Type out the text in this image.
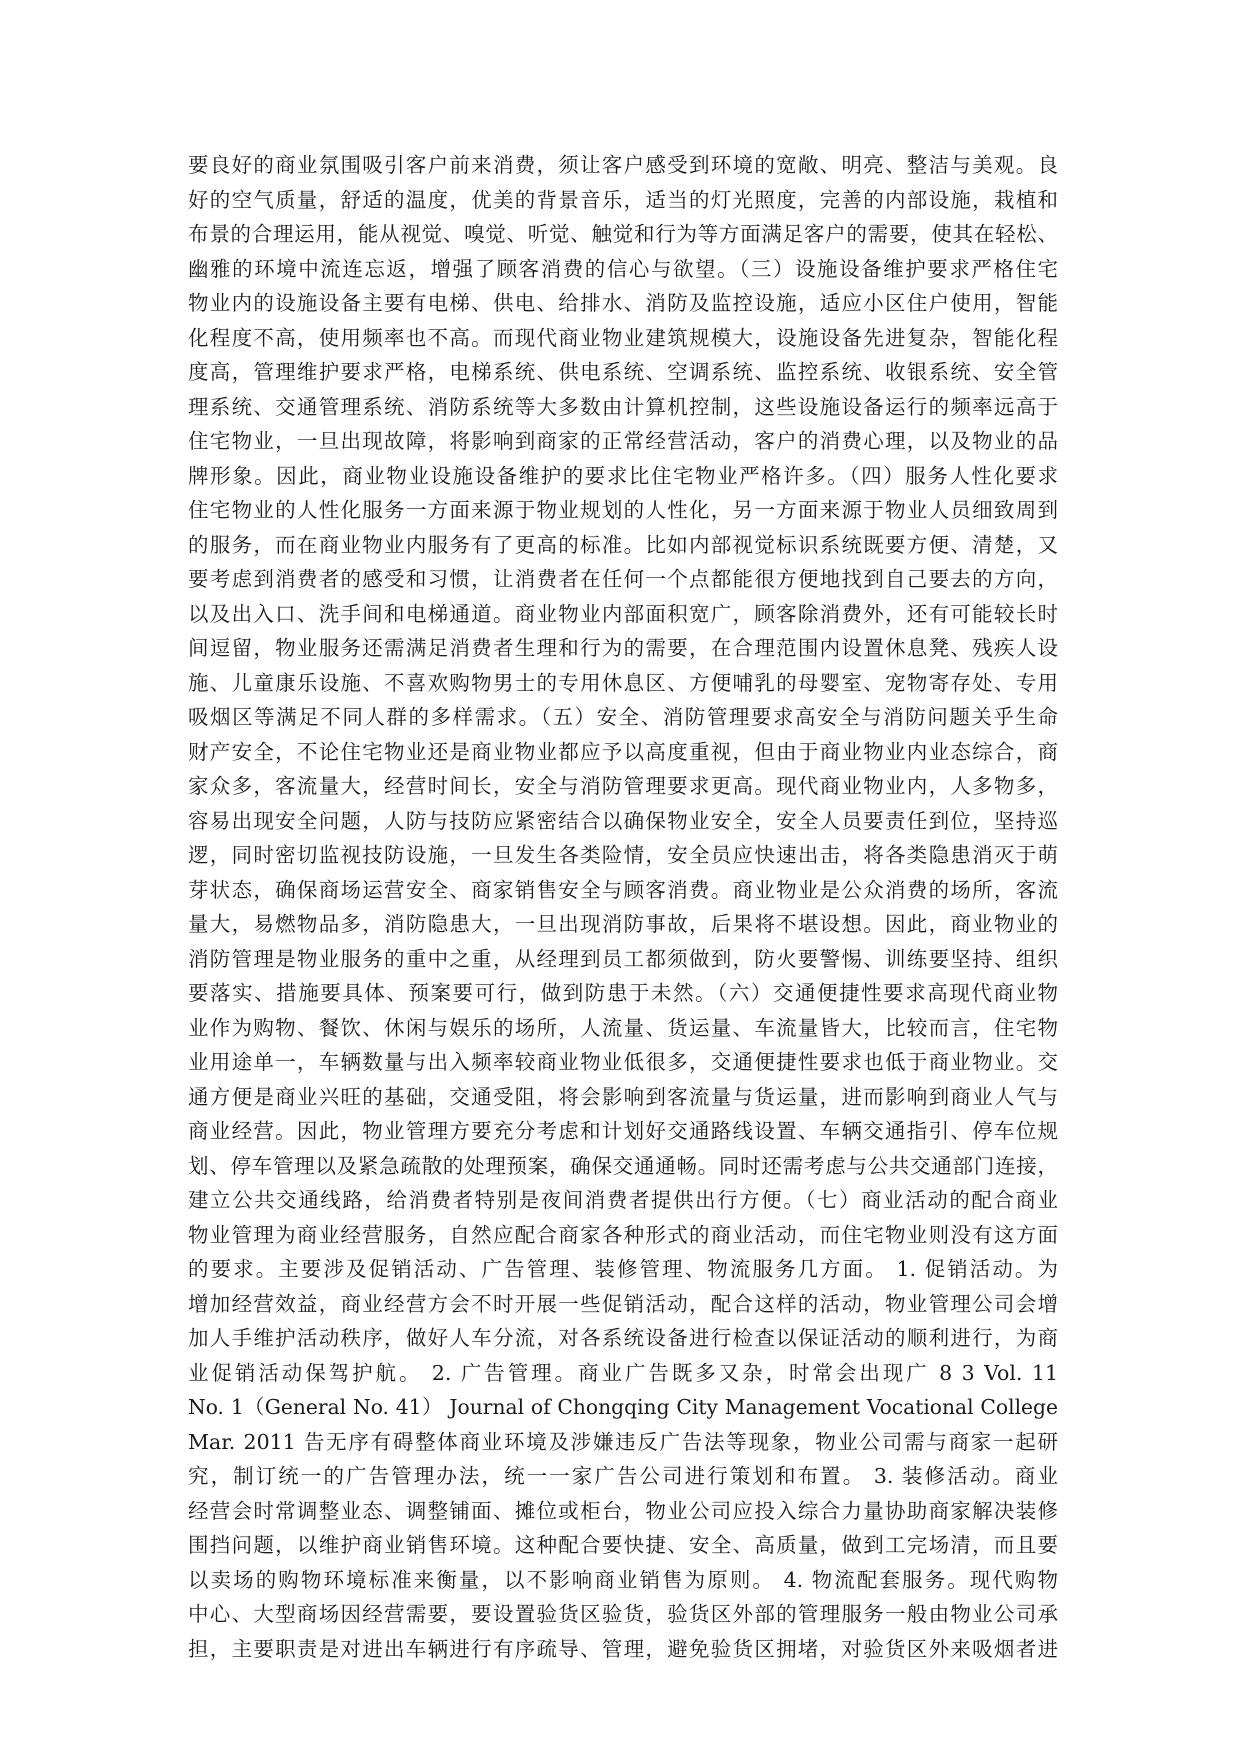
要良好的商业氛围吸引客户前来消费，须让客户感受到环境的宽敞、明亮、整洁与美观。良
好的空气质量，舒适的温度，优美的背景音乐，适当的灯光照度，完善的内部设施，栽植和
布景的合理运用，能从视觉、嗅觉、听觉、触觉和行为等方面满足客户的需要，使其在轻松、
幽雅的环境中流连忘返，增强了顾客消费的信心与欲望。（三）设施设备维护要求严格住宅
物业内的设施设备主要有电梯、供电、给排水、消防及监控设施，适应小区住户使用，智能
化程度不高，使用频率也不高。而现代商业物业建筑规模大，设施设备先进复杂，智能化程
度高，管理维护要求严格，电梯系统、供电系统、空调系统、监控系统、收银系统、安全管
理系统、交通管理系统、消防系统等大多数由计算机控制，这些设施设备运行的频率远高于
住宅物业，一旦出现故障，将影响到商家的正常经营活动，客户的消费心理，以及物业的品
牌形象。因此，商业物业设施设备维护的要求比住宅物业严格许多。（四）服务人性化要求
住宅物业的人性化服务一方面来源于物业规划的人性化，另一方面来源于物业人员细致周到
的服务，而在商业物业内服务有了更高的标准。比如内部视觉标识系统既要方便、清楚，又
要考虑到消费者的感受和习惯，让消费者在任何一个点都能很方便地找到自己要去的方向，
以及出入口、洗手间和电梯通道。商业物业内部面积宽广，顾客除消费外，还有可能较长时
间逗留，物业服务还需满足消费者生理和行为的需要，在合理范围内设置休息凳、残疾人设
施、儿童康乐设施、不喜欢购物男士的专用休息区、方便哺乳的母婴室、宠物寄存处、专用
吸烟区等满足不同人群的多样需求。（五）安全、消防管理要求高安全与消防问题关乎生命
财产安全，不论住宅物业还是商业物业都应予以高度重视，但由于商业物业内业态综合，商
家众多，客流量大，经营时间长，安全与消防管理要求更高。现代商业物业内，人多物多，
容易出现安全问题，人防与技防应紧密结合以确保物业安全，安全人员要责任到位，坚持巡
逻，同时密切监视技防设施，一旦发生各类险情，安全员应快速出击，将各类隐患消灭于萌
芽状态，确保商场运营安全、商家销售安全与顾客消费。商业物业是公众消费的场所，客流
量大，易燃物品多，消防隐患大，一旦出现消防事故，后果将不堪设想。因此，商业物业的
消防管理是物业服务的重中之重，从经理到员工都须做到，防火要警惕、训练要坚持、组织
要落实、措施要具体、预案要可行，做到防患于未然。（六）交通便捷性要求高现代商业物
业作为购物、餐饮、休闲与娱乐的场所，人流量、货运量、车流量皆大，比较而言，住宅物
业用途单一，车辆数量与出入频率较商业物业低很多，交通便捷性要求也低于商业物业。交
通方便是商业兴旺的基础，交通受阻，将会影响到客流量与货运量，进而影响到商业人气与
商业经营。因此，物业管理方要充分考虑和计划好交通路线设置、车辆交通指引、停车位规
划、停车管理以及紧急疏散的处理预案，确保交通通畅。同时还需考虑与公共交通部门连接，
建立公共交通线路，给消费者特别是夜间消费者提供出行方便。（七）商业活动的配合商业
物业管理为商业经营服务，自然应配合商家各种形式的商业活动，而住宅物业则没有这方面
的要求。主要涉及促销活动、广告管理、装修管理、物流服务几方面。 1. 促销活动。为
增加经营效益，商业经营方会不时开展一些促销活动，配合这样的活动，物业管理公司会增
加人手维护活动秩序，做好人车分流，对各系统设备进行检查以保证活动的顺利进行，为商
业促销活动保驾护航。 2. 广告管理。商业广告既多又杂，时常会出现广 8 3 Vol. 11
No. 1（General No. 41） Journal of Chongqing City Management Vocational College
Mar. 2011 告无序有碍整体商业环境及涉嫌违反广告法等现象，物业公司需与商家一起研
究，制订统一的广告管理办法，统一一家广告公司进行策划和布置。 3. 装修活动。商业
经营会时常调整业态、调整铺面、摊位或柜台，物业公司应投入综合力量协助商家解决装修
围挡问题，以维护商业销售环境。这种配合要快捷、安全、高质量，做到工完场清，而且要
以卖场的购物环境标准来衡量，以不影响商业销售为原则。 4. 物流配套服务。现代购物
中心、大型商场因经营需要，要设置验货区验货，验货区外部的管理服务一般由物业公司承
担，主要职责是对进出车辆进行有序疏导、管理，避免验货区拥堵，对验货区外来吸烟者进
